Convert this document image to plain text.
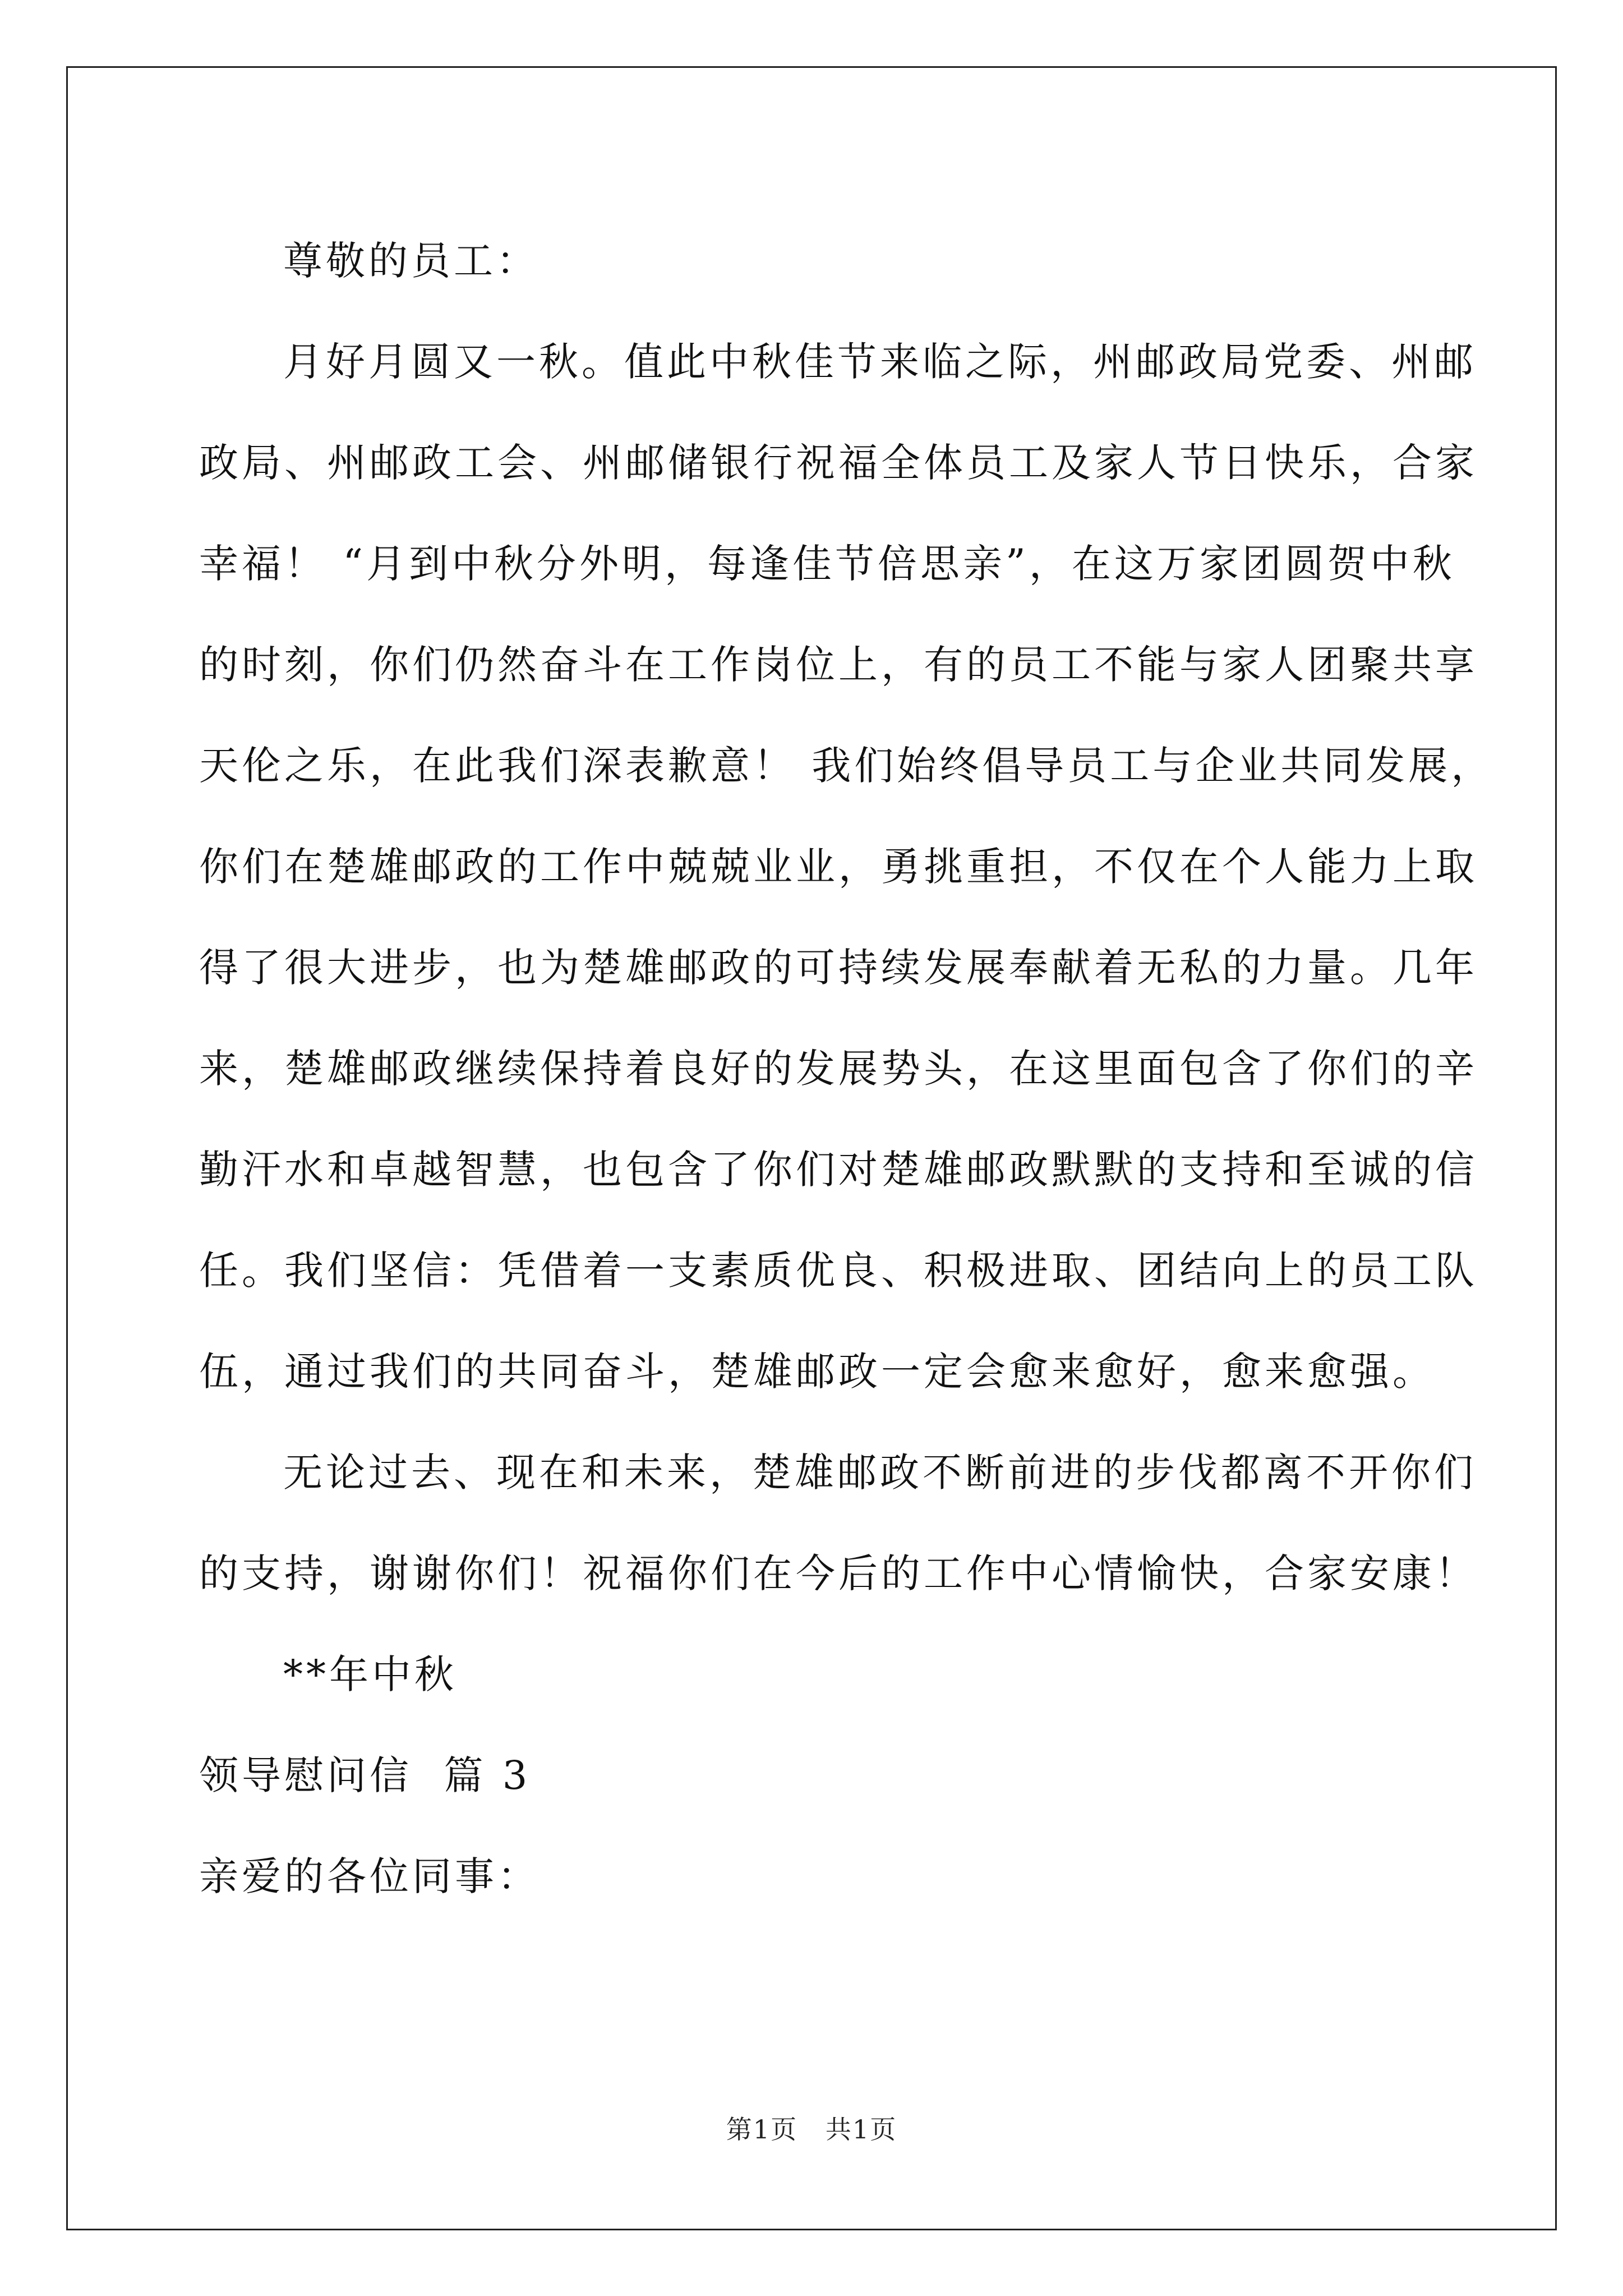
尊敬的员工：
月好月圆又一秋。值此中秋佳节来临之际，州邮政局党委、州邮
政局、州邮政工会、州邮储银行祝福全体员工及家人节日快乐，合家
幸福！ “月到中秋分外明，每逢佳节倍思亲”，在这万家团圆贺中秋
的时刻，你们仍然奋斗在工作岗位上，有的员工不能与家人团聚共享
天伦之乐，在此我们深表歉意！ 我们始终倡导员工与企业共同发展，
你们在楚雄邮政的工作中兢兢业业，勇挑重担，不仅在个人能力上取
得了很大进步，也为楚雄邮政的可持续发展奉献着无私的力量。几年
来，楚雄邮政继续保持着良好的发展势头，在这里面包含了你们的辛
勤汗水和卓越智慧，也包含了你们对楚雄邮政默默的支持和至诚的信
任。我们坚信：凭借着一支素质优良、积极进取、团结向上的员工队
伍，通过我们的共同奋斗，楚雄邮政一定会愈来愈好，愈来愈强。
无论过去、现在和未来，楚雄邮政不断前进的步伐都离不开你们
的支持，谢谢你们！祝福你们在今后的工作中心情愉快，合家安康！
**年中秋
领导慰问信  篇 3
亲爱的各位同事：
第1页   共1页
